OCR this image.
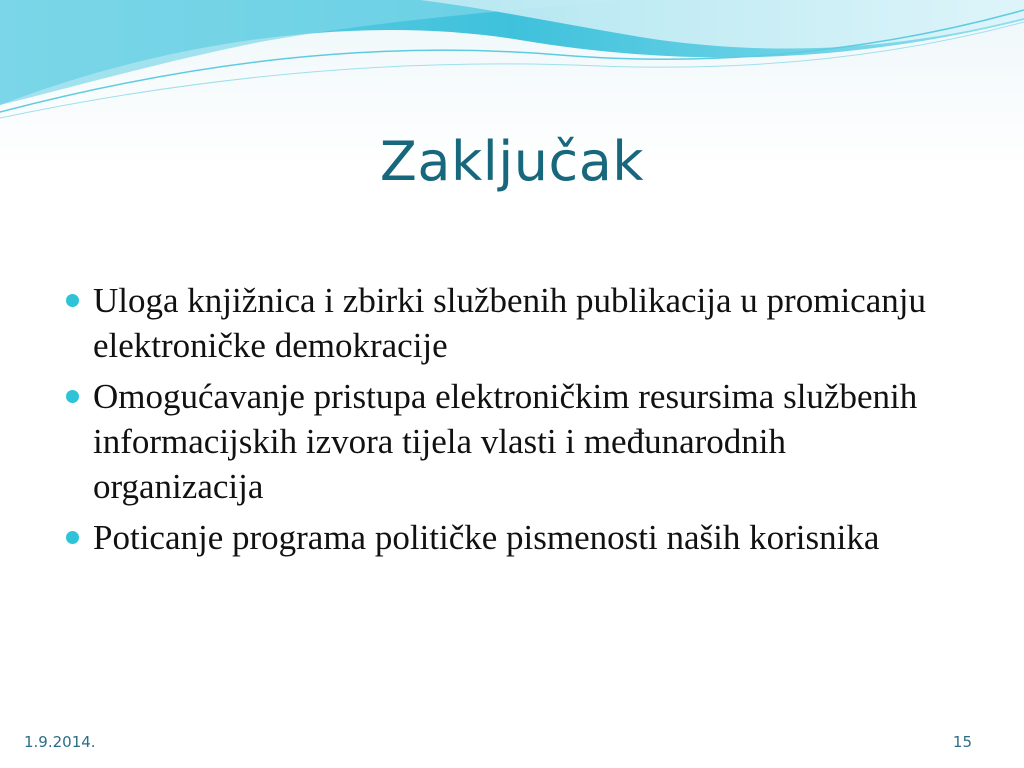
Zaključak
Uloga knjižnica i zbirki službenih publikacija u promicanju elektroničke demokracije
Omogućavanje pristupa elektroničkim resursima službenih informacijskih izvora tijela vlasti i međunarodnih organizacija
Poticanje programa političke pismenosti naših korisnika
1.9.2014.	15
